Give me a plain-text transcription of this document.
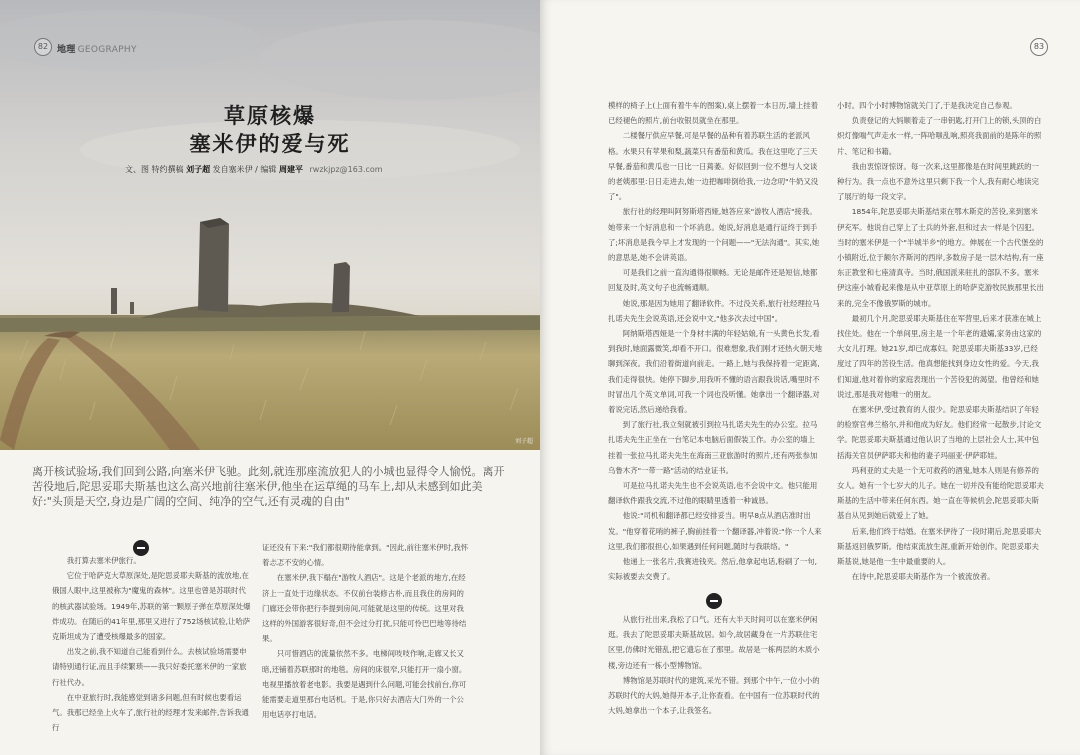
82 地理 GEOGRAPHY
草原核爆
塞米伊的爱与死
文、图 特约撰稿 刘子超 发自塞米伊 / 编辑 周建平 rwzkjpz@163.com
刘子超
离开核试验场,我们回到公路,向塞米伊飞驰。此刻,就连那座流放犯人的小城也显得令人愉悦。离开苦役地后,陀思妥耶夫斯基也这么高兴地前往塞米伊,他坐在运草绳的马车上,却从未感到如此美好:"头顶是天空,身边是广阔的空间、纯净的空气,还有灵魂的自由"

我打算去塞米伊旅行。

它位于哈萨克大草原深处,是陀思妥耶夫斯基的流放地,在俄国人眼中,这里被称为"魔鬼的森林"。这里也曾是苏联时代的核武器试验场。1949年,苏联的第一颗原子弹在草原深处爆炸成功。在随后的41年里,那里又进行了752场核试验,让哈萨克斯坦成为了遭受核爆最多的国家。

出发之前,我不知道自己能看到什么。去核试验场需要申请特别通行证,而且手续繁琐——我只好委托塞米伊的一家旅行社代办。

在中亚旅行时,我能感觉到诸多问题,但有时候也要看运气。我那已经坐上火车了,旅行社的经理才发来邮件,告诉我通行

证还没有下来:"我们都很期待能拿到。"因此,前往塞米伊时,我怀着忐忑不安的心情。

在塞米伊,我下榻在"游牧人酒店"。这是个老派的地方,在经济上一直处于边缘状态。不仅前台装修古朴,而且我住的房间的门廊还会带你把行李提到房间,可能就是这里的传统。这里对我这样的外国游客很好奇,但不会过分打扰,只能可怜巴巴地等待结果。

只可惜酒店的流量依然不多。电梯间吱吱作响,走廊又长又暗,还铺着苏联那时的地毯。房间的床很窄,只能打开一扇小窗。电视里播放着老电影。我要是遇到什么问题,可能会找前台,你可能需要走道里那台电话机。于是,你只好去酒店大门外的一个公用电话亭打电话。

83

模样的椅子上(上面有着牛车的图案),桌上摆着一本日历,墙上挂着已经褪色的照片,前台收银员就坐在那里。

二楼餐厅供应早餐,可是早餐的品种有着苏联生活的老派风格。水果只有苹果和梨,蔬菜只有番茄和黄瓜。我在这里吃了三天早餐,番茄和黄瓜也一日比一日蔫萎。好似回到一位不想与人交谈的老姨那里:日日走进去,她一边把咖啡倒给我,一边念叨"牛奶又没了"。

旅行社的经理叫阿努斯塔西娅,她答应来"游牧人酒店"接我。她带来一个好消息和一个坏消息。她说,好消息是通行证终于到手了;坏消息是我今早上才发现的一个问题——"无法沟通"。其实,她的意思是,她不会讲英语。

可是我们之前一直沟通得很顺畅。无论是邮件还是短信,她都回复及时,英文句子也流畅通顺。

她说,那是因为她用了翻译软件。不过没关系,旅行社经理拉马扎诺夫先生会说英语,还会说中文,"他多次去过中国"。

阿纳斯塔西娅是一个身材丰满的年轻姑娘,有一头黄色长发,看到我时,她面露微笑,却看不开口。很难想象,我们刚才还热火朝天地聊到深夜。我们沿着街道向前走。一路上,她与我保持着一定距离,我们走得很快。她停下脚步,用我听不懂的语言跟我说话,嘴里时不时冒出几个英文单词,可我一个词也没听懂。她拿出一个翻译器,对着说完话,然后递给我看。

到了旅行社,我立刻就被引到拉马扎诺夫先生的办公室。拉马扎诺夫先生正坐在一台笔记本电脑后面假装工作。办公室的墙上挂着一张拉马扎诺夫先生在海南三亚旅游时的照片,还有两张参加乌鲁木齐"一带一路"活动的结业证书。

可是拉马扎诺夫先生也不会说英语,也不会说中文。他只能用翻译软件跟我交流,不过他的眼睛里透着一种诚恳。

他说:"司机和翻译都已经安排妥当。明早8点从酒店准时出发。"他穿着花哨的裤子,胸前挂着一个翻译器,冲着说:"你一个人来这里,我们都很担心,如果遇到任何问题,随时与我联络。"

他递上一张名片,我赛进钱夹。然后,他拿起电话,粉刷了一句,实际被要去交费了。

从旅行社出来,我松了口气。还有大半天时间可以在塞米伊闲逛。我去了陀思妥耶夫斯基故居。如今,故居藏身在一片苏联住宅区里,仿佛时光错乱,把它遗忘在了那里。故居是一栋两层的木质小楼,旁边还有一栋小型博物馆。

博物馆是苏联时代的建筑,采光不错。到那个中午,一位小小的苏联时代的大妈,她得开本子,让你查看。在中国有一位苏联时代的大妈,她拿出一个本子,让我签名。

小时。四个小时博物馆就关门了,于是我决定自己参观。

负责登记的大妈顺着走了一串钥匙,打开门上的锁,头顶的白炽灯像喘气声走水一样,一阵哈嗤乱响,照亮我面前的是陈年的照片、笔记和书籍。

我由衷惊讶惊讶。每一次来,这里都像是在时间里跳跃的一种行为。我一点也不意外这里只剩下我一个人,我有耐心地读完了展厅的每一段文字。

1854年,陀思妥耶夫斯基结束在鄂木斯克的苦役,来到塞米伊充军。他说自己穿上了士兵的外套,但和过去一样是个囚犯。当时的塞米伊是一个"半城半乡"的地方。伸展在一个古代堡垒的小镇附近,位于额尔齐斯河的西岸,多数房子是一层木结构,有一座东正教堂和七座清真寺。当时,俄国派来驻扎的部队不多。塞米伊这座小城看起来像是从中亚草原上的哈萨克游牧民族那里长出来的,完全不像俄罗斯的城市。

最初几个月,陀思妥耶夫斯基住在军营里,后来才获准在城上找住处。他在一个单间里,房主是一个年老的遗孀,家务由这家的大女儿打理。她21岁,却已成寡妇。陀思妥耶夫斯基33岁,已经度过了四年的苦役生活。他真想能找到身边女性的爱。今天,我们知道,他对着你的家庭表现出一个苦役犯的渴望。他曾经和她说过,那是我对他唯一的朋友。

在塞米伊,受过教育的人很少。陀思妥耶夫斯基结识了年轻的检察官弗兰格尔,并和他成为好友。他们经常一起散步,讨论文学。陀思妥耶夫斯基通过他认识了当地的上层社会人士,其中包括海关官员伊萨耶夫和他的妻子玛丽亚·伊萨耶娃。

玛利亚的丈夫是一个无可救药的酒鬼,她本人则是有修养的女人。她有一个七岁大的儿子。她在一切并没有能给陀思妥耶夫斯基的生活中带来任何东西。她一直在等候机会,陀思妥耶夫斯基自从见到她后就爱上了她。

后来,他们终于结婚。在塞米伊待了一段时期后,陀思妥耶夫斯基返回俄罗斯。他结束流放生涯,重新开始创作。陀思妥耶夫斯基说,她是他一生中最重要的人。

在诗中,陀思妥耶夫斯基作为一个被流放者。
